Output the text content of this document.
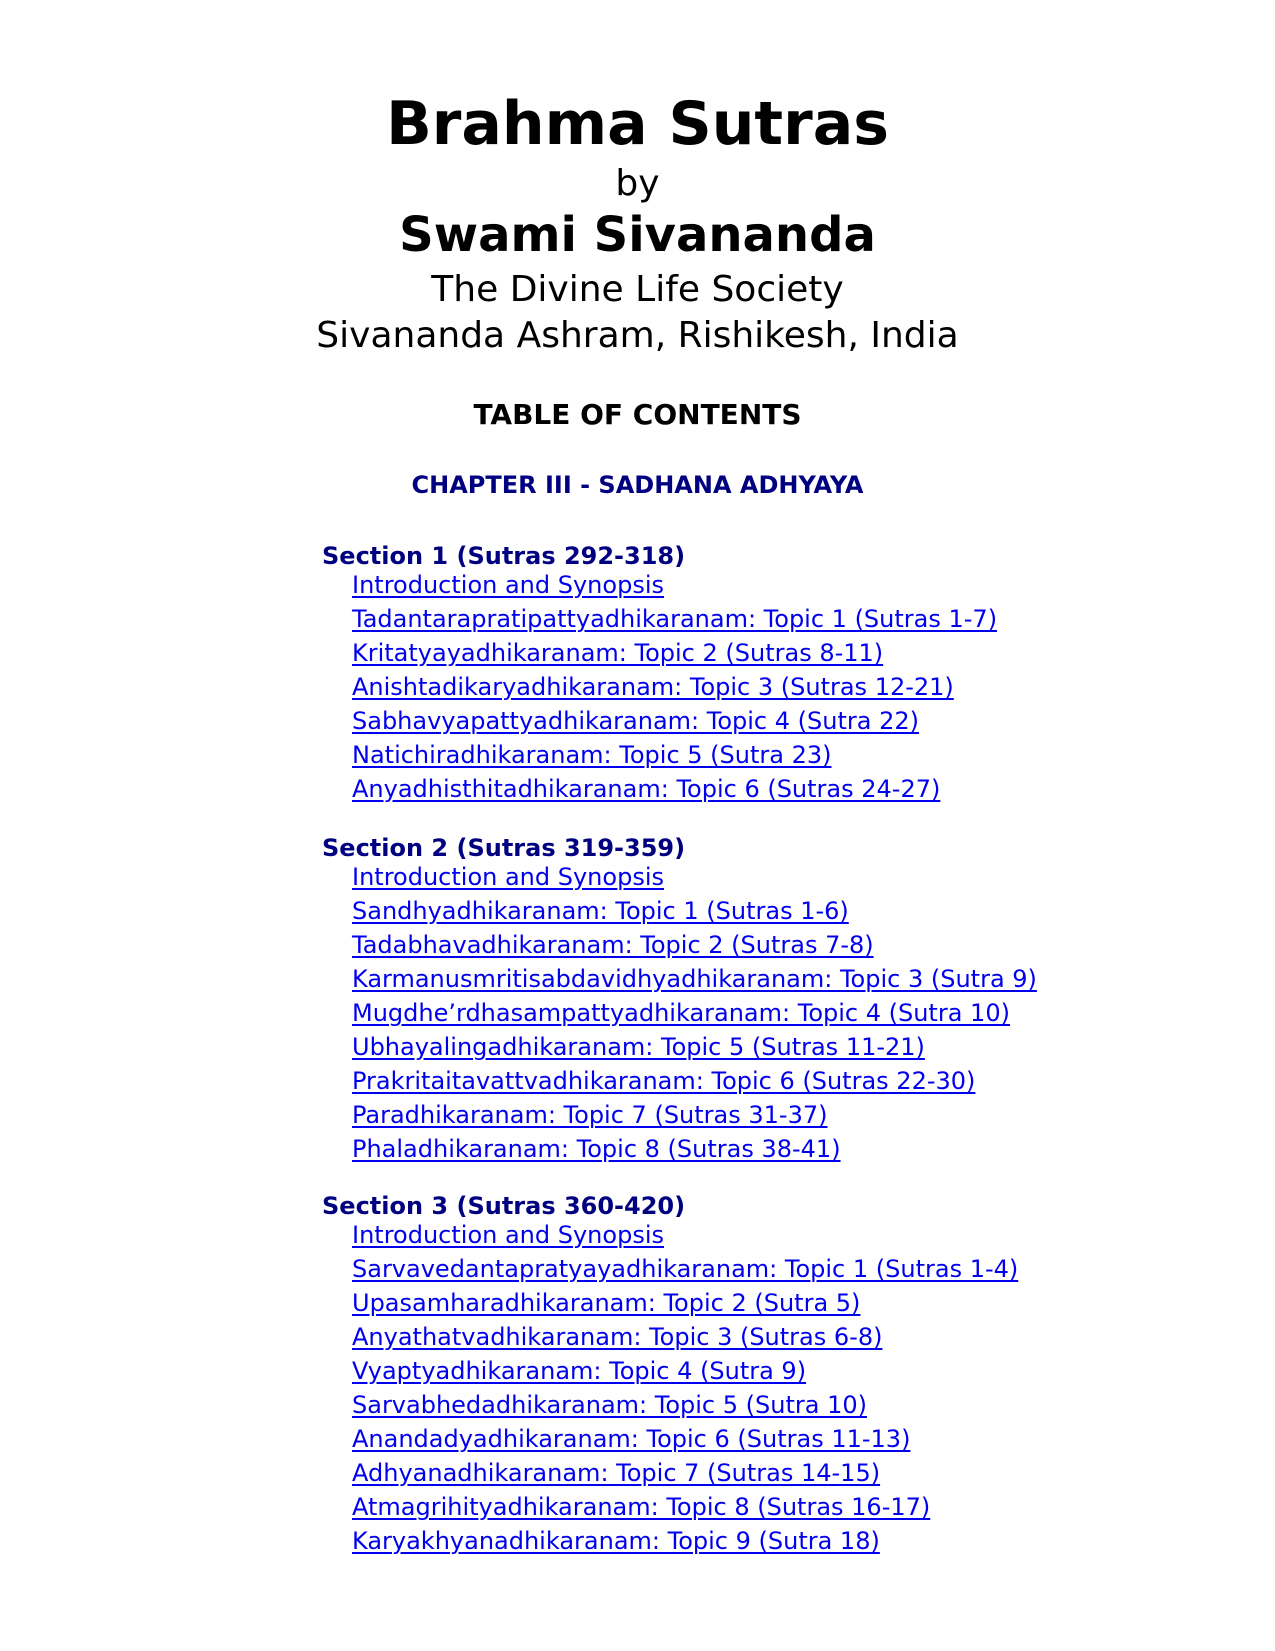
Brahma Sutras
by
Swami Sivananda
The Divine Life Society
Sivananda Ashram, Rishikesh, India
TABLE OF CONTENTS
CHAPTER III - SADHANA ADHYAYA
Section 1 (Sutras 292-318)
Introduction and Synopsis
Tadantarapratipattyadhikaranam: Topic 1 (Sutras 1-7)
Kritatyayadhikaranam: Topic 2 (Sutras 8-11)
Anishtadikaryadhikaranam: Topic 3 (Sutras 12-21)
Sabhavyapattyadhikaranam: Topic 4 (Sutra 22)
Natichiradhikaranam: Topic 5 (Sutra 23)
Anyadhisthitadhikaranam: Topic 6 (Sutras 24-27)
Section 2 (Sutras 319-359)
Introduction and Synopsis
Sandhyadhikaranam: Topic 1 (Sutras 1-6)
Tadabhavadhikaranam: Topic 2 (Sutras 7-8)
Karmanusmritisabdavidhyadhikaranam: Topic 3 (Sutra 9)
Mugdhe’rdhasampattyadhikaranam: Topic 4 (Sutra 10)
Ubhayalingadhikaranam: Topic 5 (Sutras 11-21)
Prakritaitavattvadhikaranam: Topic 6 (Sutras 22-30)
Paradhikaranam: Topic 7 (Sutras 31-37)
Phaladhikaranam: Topic 8 (Sutras 38-41)
Section 3 (Sutras 360-420)
Introduction and Synopsis
Sarvavedantapratyayadhikaranam: Topic 1 (Sutras 1-4)
Upasamharadhikaranam: Topic 2 (Sutra 5)
Anyathatvadhikaranam: Topic 3 (Sutras 6-8)
Vyaptyadhikaranam: Topic 4 (Sutra 9)
Sarvabhedadhikaranam: Topic 5 (Sutra 10)
Anandadyadhikaranam: Topic 6 (Sutras 11-13)
Adhyanadhikaranam: Topic 7 (Sutras 14-15)
Atmagrihityadhikaranam: Topic 8 (Sutras 16-17)
Karyakhyanadhikaranam: Topic 9 (Sutra 18)
